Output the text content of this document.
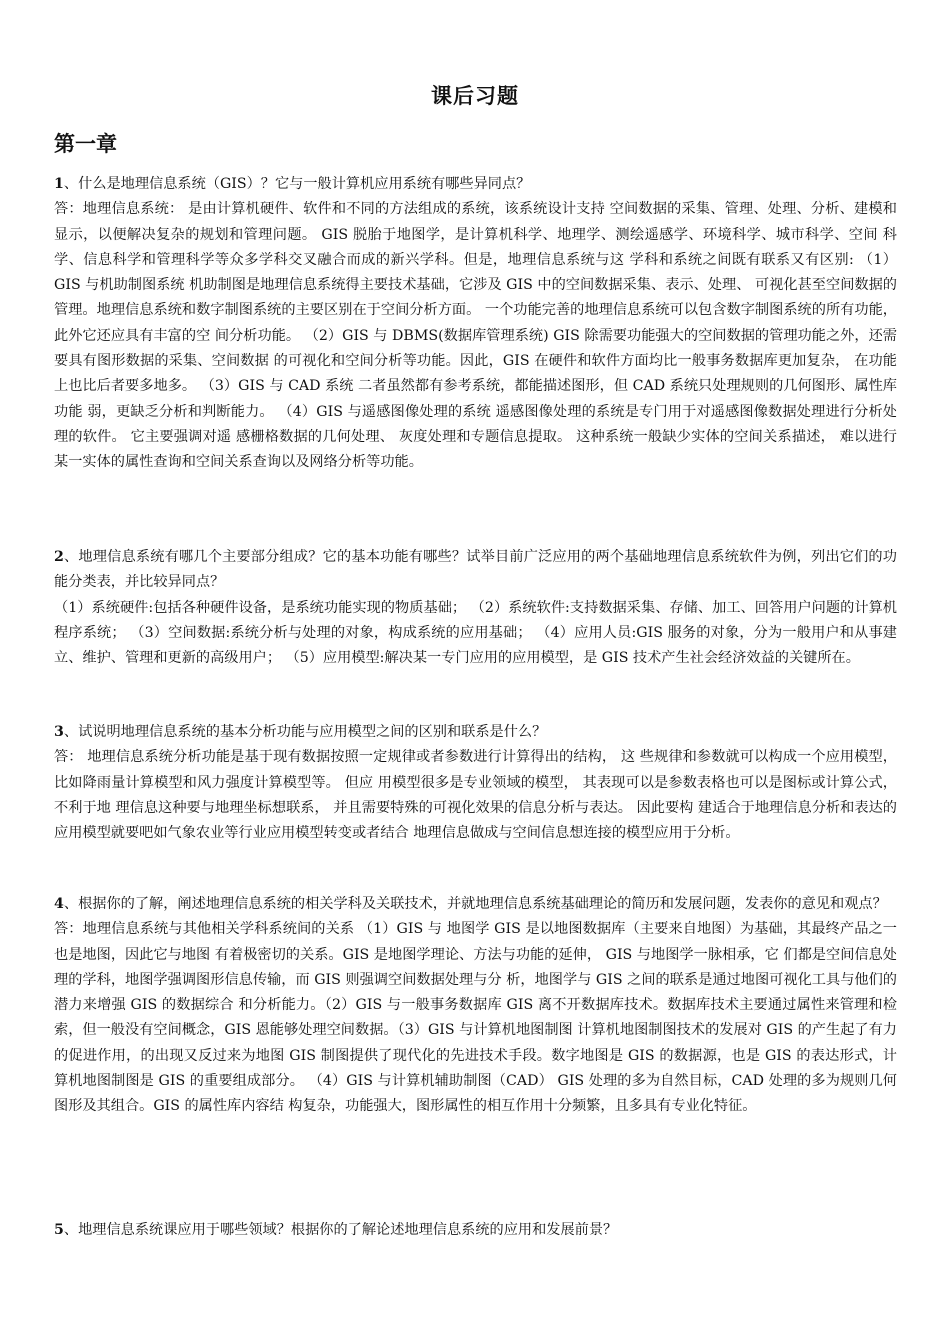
课后习题
第一章

1、什么是地理信息系统（GIS）？它与一般计算机应用系统有哪些异同点？

答：地理信息系统： 是由计算机硬件、软件和不同的方法组成的系统，该系统设计支持 空间数据的采集、管理、处理、分析、建模和显示，以便解决复杂的规划和管理问题。 GIS 脱胎于地图学，是计算机科学、地理学、测绘遥感学、环境科学、城市科学、空间 科学、信息科学和管理科学等众多学科交叉融合而成的新兴学科。但是，地理信息系统与这 学科和系统之间既有联系又有区别: （1） GIS 与机助制图系统 机助制图是地理信息系统得主要技术基础，它涉及 GIS 中的空间数据采集、表示、处理、 可视化甚至空间数据的管理。地理信息系统和数字制图系统的主要区别在于空间分析方面。 一个功能完善的地理信息系统可以包含数字制图系统的所有功能， 此外它还应具有丰富的空 间分析功能。 （2）GIS 与 DBMS(数据库管理系统) GIS 除需要功能强大的空间数据的管理功能之外，还需要具有图形数据的采集、空间数据 的可视化和空间分析等功能。因此，GIS 在硬件和软件方面均比一般事务数据库更加复杂， 在功能上也比后者要多地多。 （3）GIS 与 CAD 系统 二者虽然都有参考系统，都能描述图形，但 CAD 系统只处理规则的几何图形、属性库功能 弱，更缺乏分析和判断能力。 （4）GIS 与遥感图像处理的系统 遥感图像处理的系统是专门用于对遥感图像数据处理进行分析处理的软件。 它主要强调对遥 感栅格数据的几何处理、 灰度处理和专题信息提取。 这种系统一般缺少实体的空间关系描述， 难以进行某一实体的属性查询和空间关系查询以及网络分析等功能。

2、地理信息系统有哪几个主要部分组成？它的基本功能有哪些？试举目前广泛应用的两个基础地理信息系统软件为例，列出它们的功能分类表，并比较异同点？

（1）系统硬件:包括各种硬件设备，是系统功能实现的物质基础； （2）系统软件:支持数据采集、存储、加工、回答用户问题的计算机程序系统； （3）空间数据:系统分析与处理的对象，构成系统的应用基础； （4）应用人员:GIS 服务的对象，分为一般用户和从事建立、维护、管理和更新的高级用户； （5）应用模型:解决某一专门应用的应用模型，是 GIS 技术产生社会经济效益的关键所在。

3、试说明地理信息系统的基本分析功能与应用模型之间的区别和联系是什么？

答： 地理信息系统分析功能是基于现有数据按照一定规律或者参数进行计算得出的结构， 这 些规律和参数就可以构成一个应用模型， 比如降雨量计算模型和风力强度计算模型等。 但应 用模型很多是专业领域的模型， 其表现可以是参数表格也可以是图标或计算公式， 不利于地 理信息这种要与地理坐标想联系， 并且需要特殊的可视化效果的信息分析与表达。 因此要构 建适合于地理信息分析和表达的应用模型就要吧如气象农业等行业应用模型转变或者结合 地理信息做成与空间信息想连接的模型应用于分析。

4、根据你的了解，阐述地理信息系统的相关学科及关联技术，并就地理信息系统基础理论的简历和发展问题，发表你的意见和观点？

答：地理信息系统与其他相关学科系统间的关系 （1）GIS 与 地图学 GIS 是以地图数据库（主要来自地图）为基础，其最终产品之一也是地图，因此它与地图 有着极密切的关系。GIS 是地图学理论、方法与功能的延伸， GIS 与地图学一脉相承，它 们都是空间信息处理的学科，地图学强调图形信息传输，而 GIS 则强调空间数据处理与分 析，地图学与 GIS 之间的联系是通过地图可视化工具与他们的潜力来增强 GIS 的数据综合 和分析能力。（2）GIS 与一般事务数据库 GIS 离不开数据库技术。数据库技术主要通过属性来管理和检索，但一般没有空间概念，GIS 恩能够处理空间数据。（3）GIS 与计算机地图制图 计算机地图制图技术的发展对 GIS 的产生起了有力的促进作用，的出现又反过来为地图 GIS 制图提供了现代化的先进技术手段。数字地图是 GIS 的数据源，也是 GIS 的表达形式，计 算机地图制图是 GIS 的重要组成部分。 （4）GIS 与计算机辅助制图（CAD） GIS 处理的多为自然目标，CAD 处理的多为规则几何图形及其组合。GIS 的属性库内容结 构复杂，功能强大，图形属性的相互作用十分频繁，且多具有专业化特征。

5、地理信息系统课应用于哪些领域？根据你的了解论述地理信息系统的应用和发展前景？
